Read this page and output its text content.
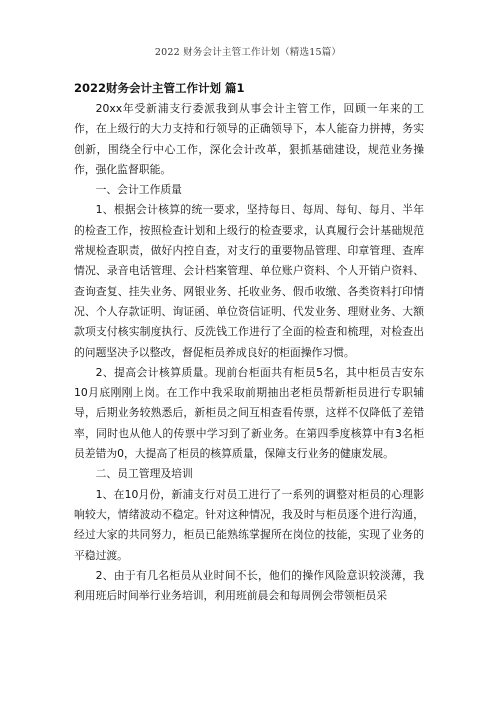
2022 财务会计主管工作计划（精选15篇）

2022财务会计主管工作计划 篇1

20xx年受新浦支行委派我到从事会计主管工作，回顾一年来的工作，在上级行的大力支持和行领导的正确领导下，本人能奋力拼搏，务实创新，围绕全行中心工作，深化会计改革，狠抓基础建设，规范业务操作，强化监督职能。

一、会计工作质量

1、根据会计核算的统一要求，坚持每日、每周、每旬、每月、半年的检查工作，按照检查计划和上级行的检查要求，认真履行会计基础规范常规检查职责，做好内控自查，对支行的重要物品管理、印章管理、查库情况、录音电话管理、会计档案管理、单位账户资料、个人开销户资料、查询查复、挂失业务、网银业务、托收业务、假币收缴、各类资料打印情况、个人存款证明、询证函、单位资信证明、代发业务、理财业务、大额款项支付核实制度执行、反洗钱工作进行了全面的检查和梳理，对检查出的问题坚决予以整改，督促柜员养成良好的柜面操作习惯。

2、提高会计核算质量。现前台柜面共有柜员5名，其中柜员吉安东10月底刚刚上岗。在工作中我采取前期抽出老柜员帮新柜员进行专职辅导，后期业务较熟悉后，新柜员之间互相查看传票，这样不仅降低了差错率，同时也从他人的传票中学习到了新业务。在第四季度核算中有3名柜员差错为0，大提高了柜员的核算质量，保障支行业务的健康发展。

二、员工管理及培训

1、在10月份，新浦支行对员工进行了一系列的调整对柜员的心理影响较大，情绪波动不稳定。针对这种情况，我及时与柜员逐个进行沟通，经过大家的共同努力，柜员已能熟练掌握所在岗位的技能，实现了业务的平稳过渡。

2、由于有几名柜员从业时间不长，他们的操作风险意识较淡薄，我利用班后时间举行业务培训，利用班前晨会和每周例会带领柜员采
